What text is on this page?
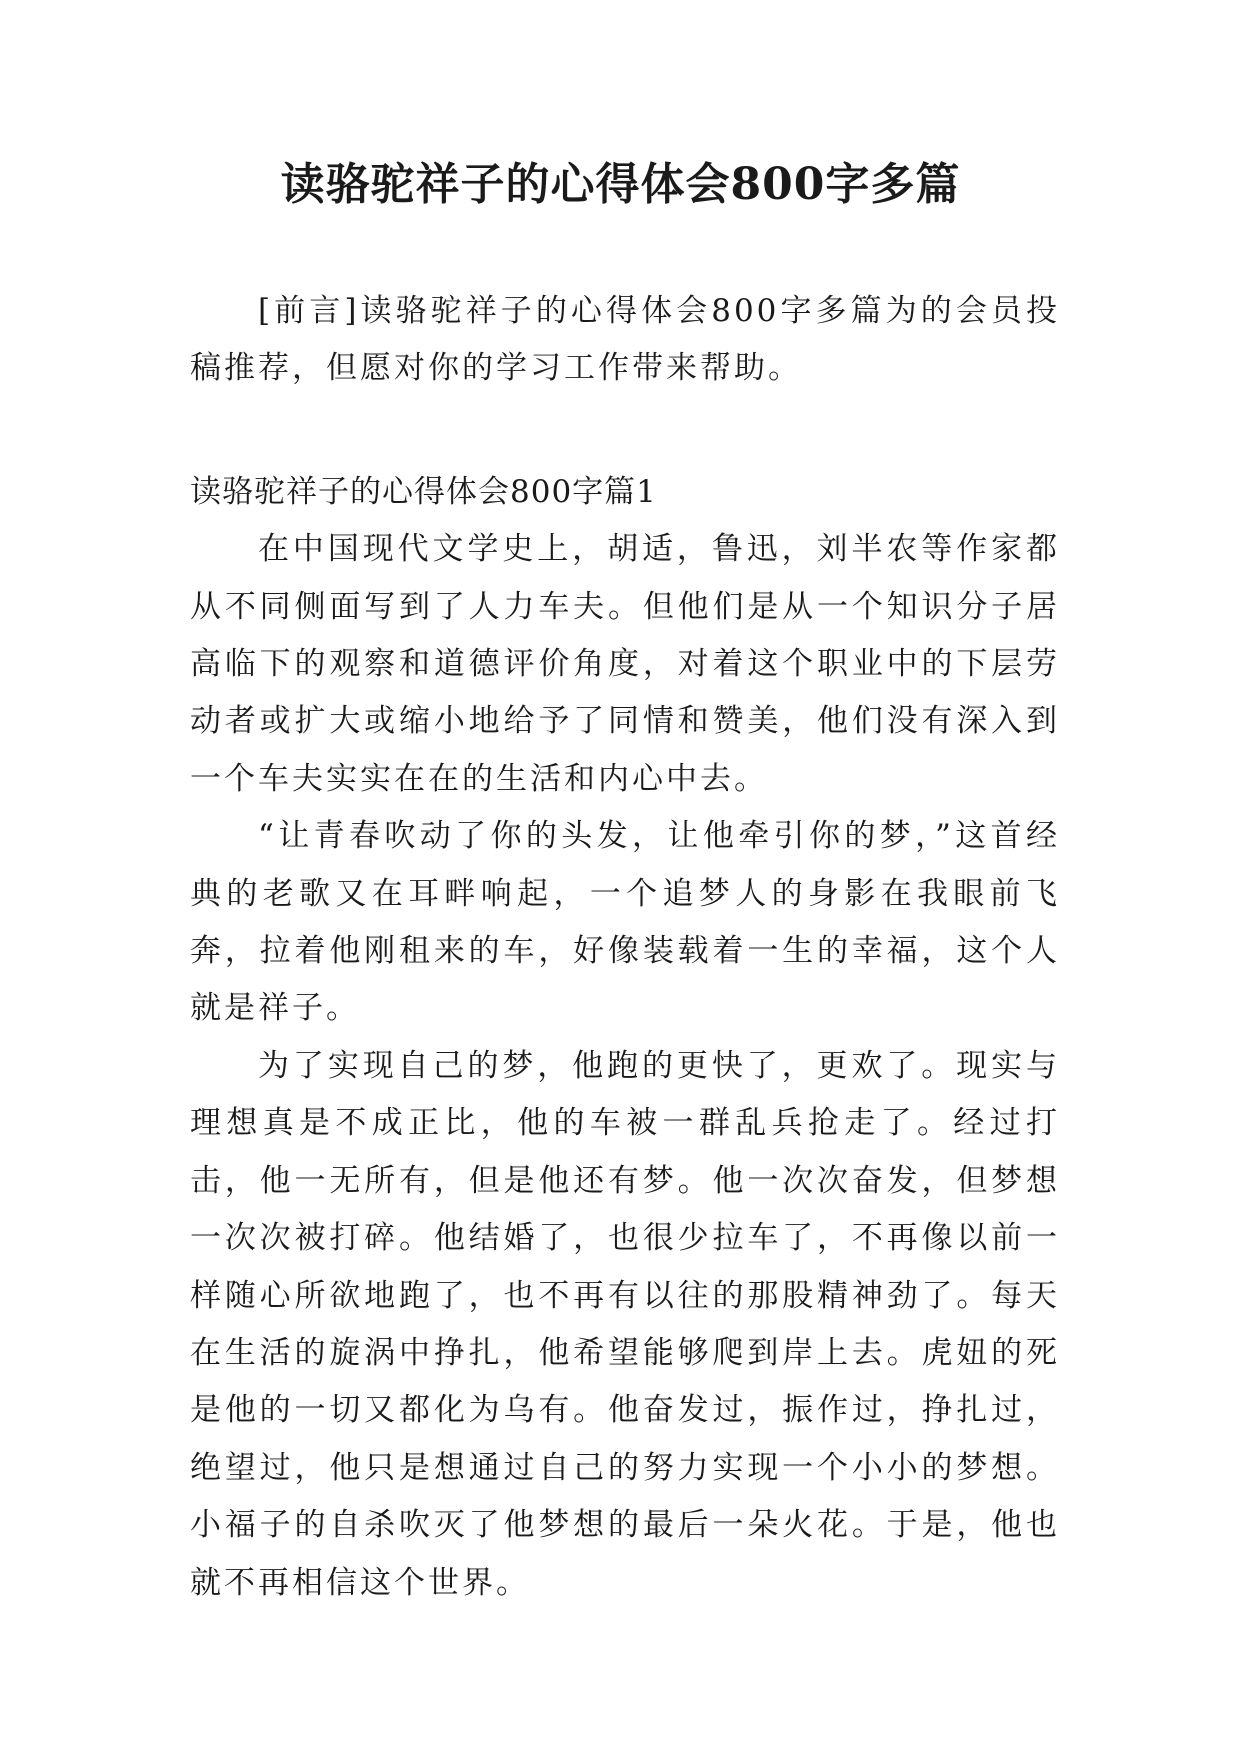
读骆驼祥子的心得体会800字多篇

[前言]读骆驼祥子的心得体会800字多篇为的会员投稿推荐，但愿对你的学习工作带来帮助。

读骆驼祥子的心得体会800字篇1

在中国现代文学史上，胡适，鲁迅，刘半农等作家都从不同侧面写到了人力车夫。但他们是从一个知识分子居高临下的观察和道德评价角度，对着这个职业中的下层劳动者或扩大或缩小地给予了同情和赞美，他们没有深入到一个车夫实实在在的生活和内心中去。

“让青春吹动了你的头发，让他牵引你的梦，”这首经典的老歌又在耳畔响起，一个追梦人的身影在我眼前飞奔，拉着他刚租来的车，好像装载着一生的幸福，这个人就是祥子。

为了实现自己的梦，他跑的更快了，更欢了。现实与理想真是不成正比，他的车被一群乱兵抢走了。经过打击，他一无所有，但是他还有梦。他一次次奋发，但梦想一次次被打碎。他结婚了，也很少拉车了，不再像以前一样随心所欲地跑了，也不再有以往的那股精神劲了。每天在生活的旋涡中挣扎，他希望能够爬到岸上去。虎妞的死是他的一切又都化为乌有。他奋发过，振作过，挣扎过，绝望过，他只是想通过自己的努力实现一个小小的梦想。小福子的自杀吹灭了他梦想的最后一朵火花。于是，他也就不再相信这个世界。
